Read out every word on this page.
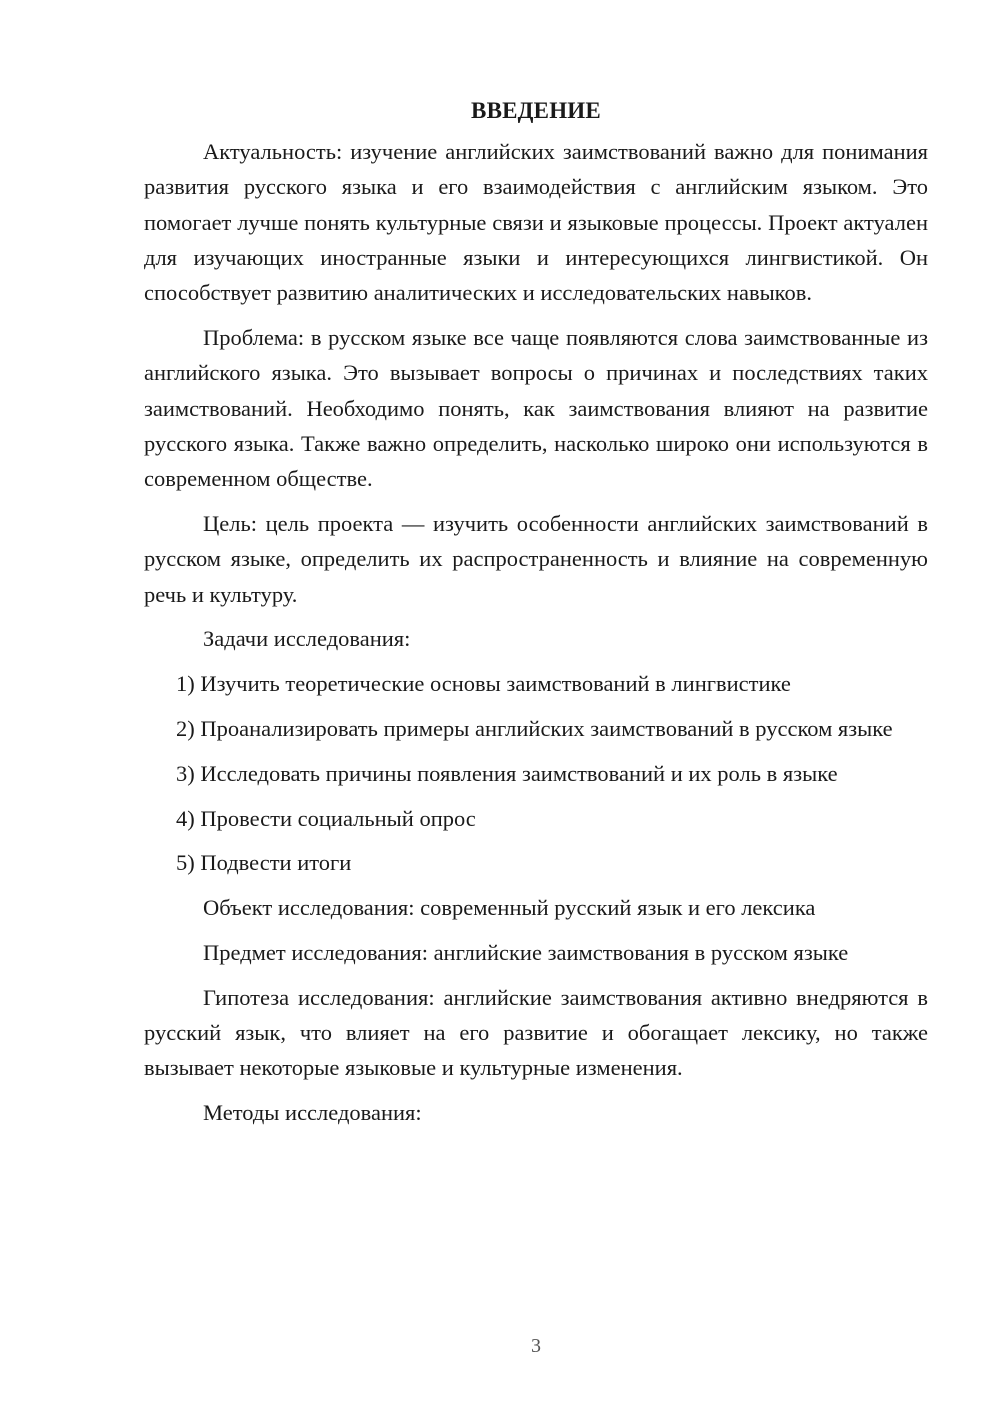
ВВЕДЕНИЕ

Актуальность: изучение английских заимствований важно для понимания развития русского языка и его взаимодействия с английским языком. Это помогает лучше понять культурные связи и языковые процессы. Проект актуален для изучающих иностранные языки и интересующихся лингвистикой. Он способствует развитию аналитических и исследовательских навыков.

Проблема: в русском языке все чаще появляются слова заимствованные из английского языка. Это вызывает вопросы о причинах и последствиях таких заимствований. Необходимо понять, как заимствования влияют на развитие русского языка. Также важно определить, насколько широко они используются в современном обществе.

Цель: цель проекта — изучить особенности английских заимствований в русском языке, определить их распространенность и влияние на современную речь и культуру.

Задачи исследования:

1) Изучить теоретические основы заимствований в лингвистике

2) Проанализировать примеры английских заимствований в русском языке

3) Исследовать причины появления заимствований и их роль в языке

4) Провести социальный опрос

5) Подвести итоги

Объект исследования: современный русский язык и его лексика

Предмет исследования: английские заимствования в русском языке

Гипотеза исследования: английские заимствования активно внедряются в русский язык, что влияет на его развитие и обогащает лексику, но также вызывает некоторые языковые и культурные изменения.

Методы исследования:

3
